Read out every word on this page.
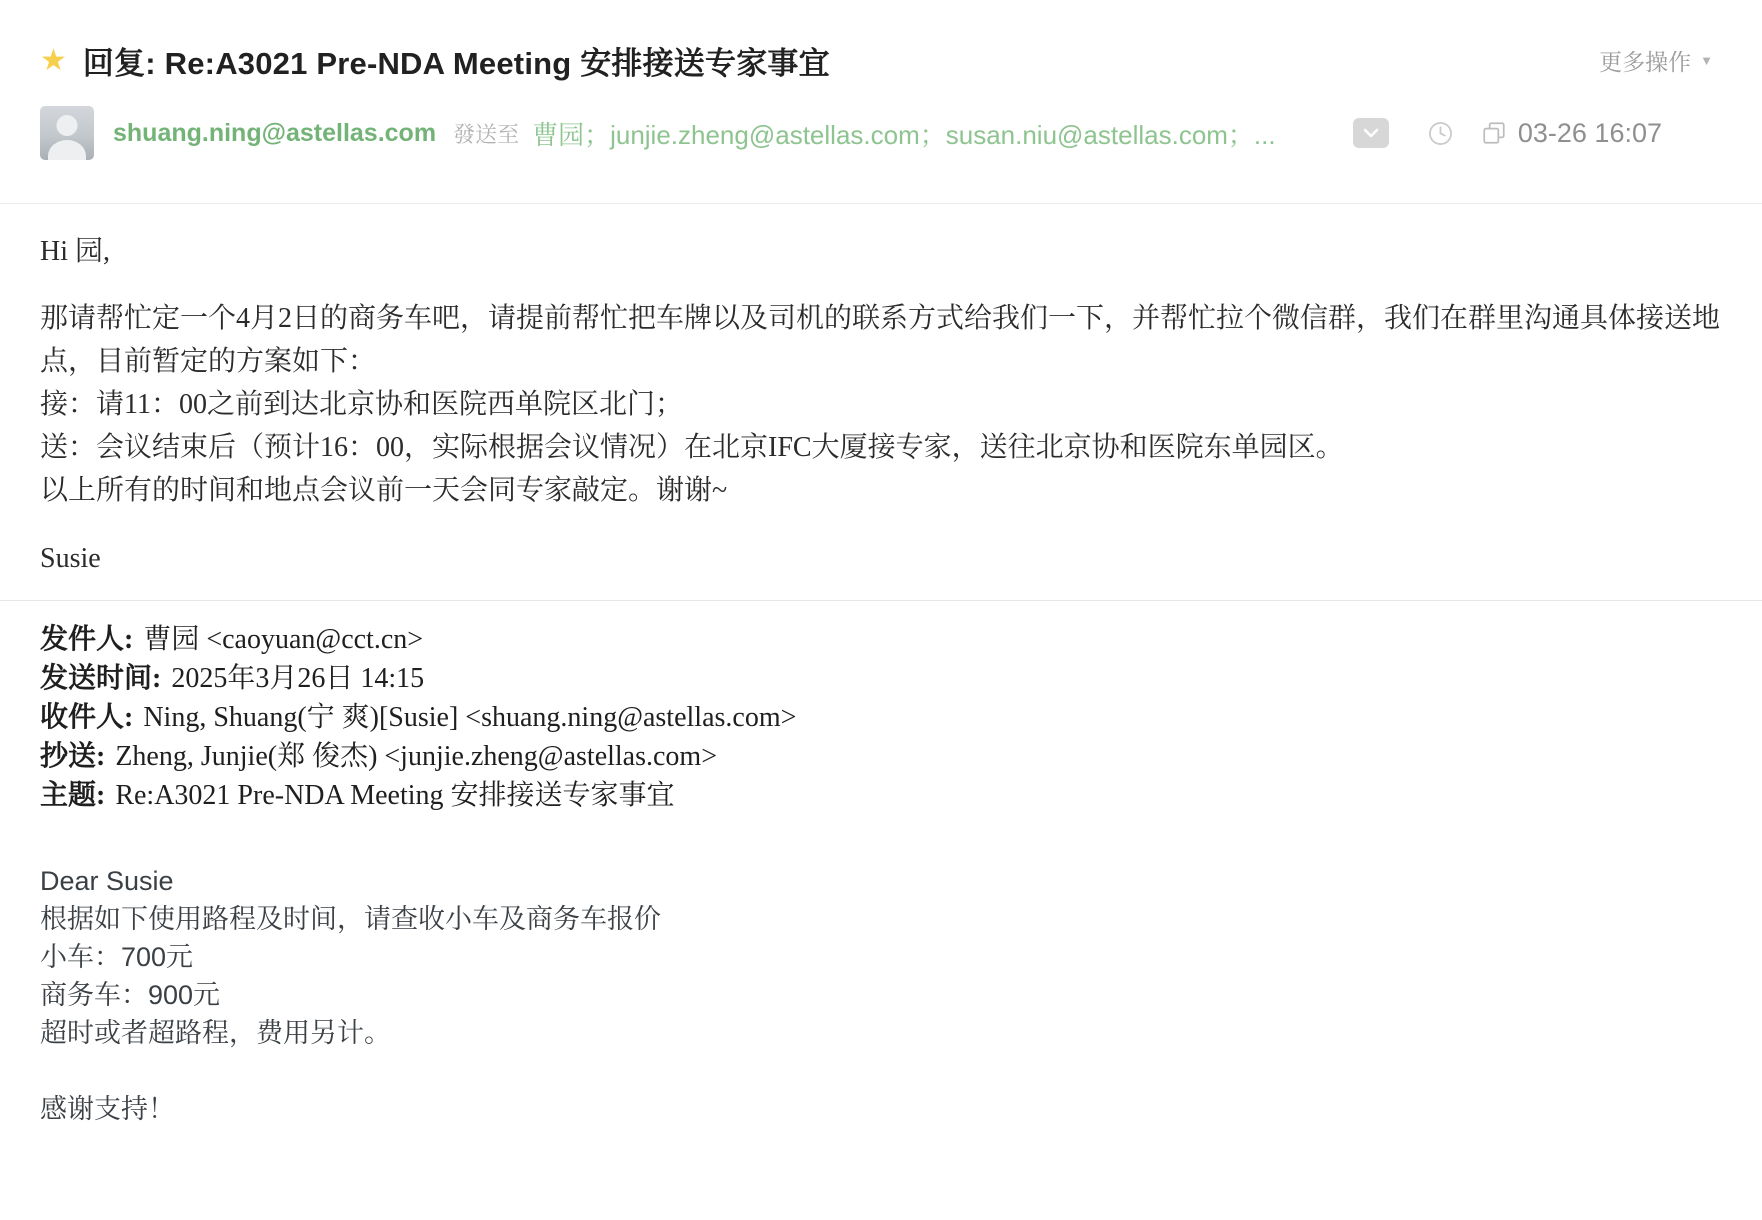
★ 回复: Re:A3021 Pre-NDA Meeting 安排接送专家事宜	更多操作 ▼
shuang.ning@astellas.com 發送至 曹园；junjie.zheng@astellas.com；susan.niu@astellas.com；...	03-26 16:07
Hi 园,
那请帮忙定一个4月2日的商务车吧，请提前帮忙把车牌以及司机的联系方式给我们一下，并帮忙拉个微信群，我们在群里沟通具体接送地点，目前暂定的方案如下：
接：请11：00之前到达北京协和医院西单院区北门；
送：会议结束后（预计16：00，实际根据会议情况）在北京IFC大厦接专家，送往北京协和医院东单园区。
以上所有的时间和地点会议前一天会同专家敲定。谢谢~
Susie
发件人: 曹园 <caoyuan@cct.cn>
发送时间: 2025年3月26日 14:15
收件人: Ning, Shuang(宁 爽)[Susie] <shuang.ning@astellas.com>
抄送: Zheng, Junjie(郑 俊杰) <junjie.zheng@astellas.com>
主题: Re:A3021 Pre-NDA Meeting 安排接送专家事宜
Dear Susie
根据如下使用路程及时间，请查收小车及商务车报价
小车：700元
商务车：900元
超时或者超路程，费用另计。
感谢支持！
